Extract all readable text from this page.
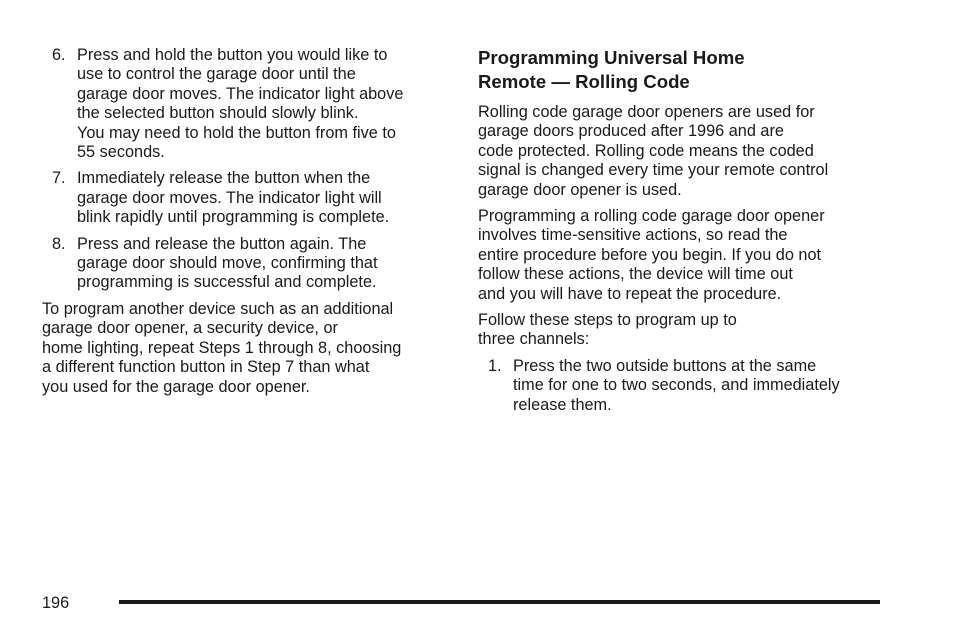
6. Press and hold the button you would like to
use to control the garage door until the
garage door moves. The indicator light above
the selected button should slowly blink.
You may need to hold the button from five to
55 seconds.
7. Immediately release the button when the
garage door moves. The indicator light will
blink rapidly until programming is complete.
8. Press and release the button again. The
garage door should move, confirming that
programming is successful and complete.
To program another device such as an additional
garage door opener, a security device, or
home lighting, repeat Steps 1 through 8, choosing
a different function button in Step 7 than what
you used for the garage door opener.
Programming Universal Home
Remote — Rolling Code
Rolling code garage door openers are used for
garage doors produced after 1996 and are
code protected. Rolling code means the coded
signal is changed every time your remote control
garage door opener is used.
Programming a rolling code garage door opener
involves time-sensitive actions, so read the
entire procedure before you begin. If you do not
follow these actions, the device will time out
and you will have to repeat the procedure.
Follow these steps to program up to
three channels:
1. Press the two outside buttons at the same
time for one to two seconds, and immediately
release them.
196
